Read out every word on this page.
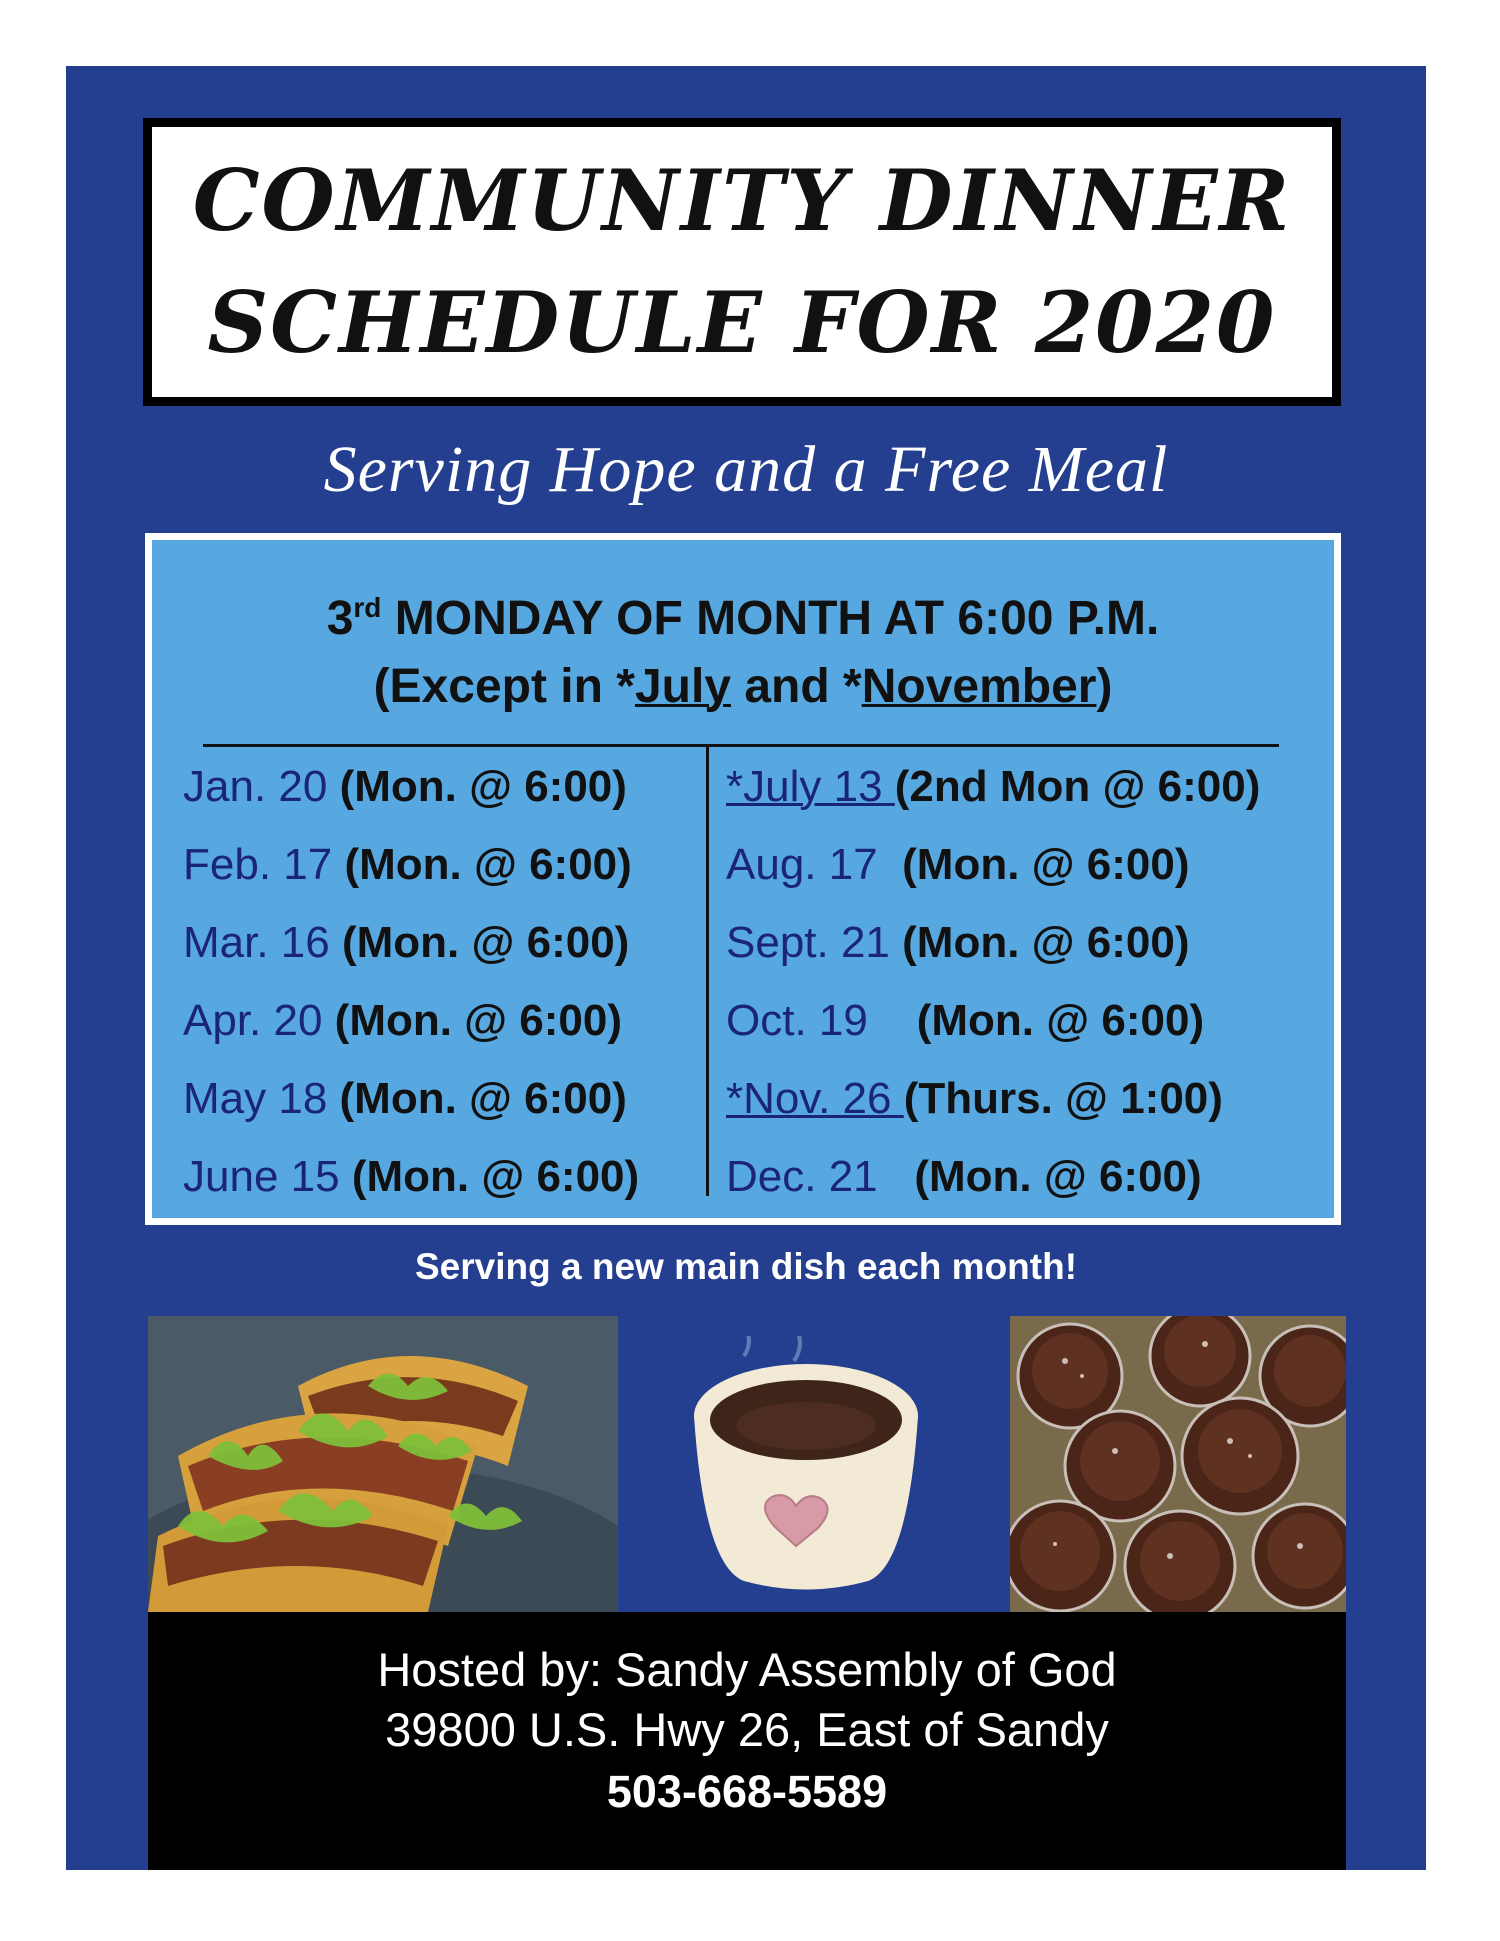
COMMUNITY DINNER
SCHEDULE FOR 2020
Serving Hope and a Free Meal
3rd MONDAY OF MONTH AT 6:00 P.M.
(Except in *July and *November)
Jan. 20 (Mon. @ 6:00)
Feb. 17 (Mon. @ 6:00)
Mar. 16 (Mon. @ 6:00)
Apr. 20 (Mon. @ 6:00)
May 18 (Mon. @ 6:00)
June 15 (Mon. @ 6:00)
*July 13 (2nd Mon @ 6:00)
Aug. 17 (Mon. @ 6:00)
Sept. 21 (Mon. @ 6:00)
Oct. 19 (Mon. @ 6:00)
*Nov. 26 (Thurs. @ 1:00)
Dec. 21 (Mon. @ 6:00)
Serving a new main dish each month!
Hosted by: Sandy Assembly of God
39800 U.S. Hwy 26, East of Sandy
503-668-5589
